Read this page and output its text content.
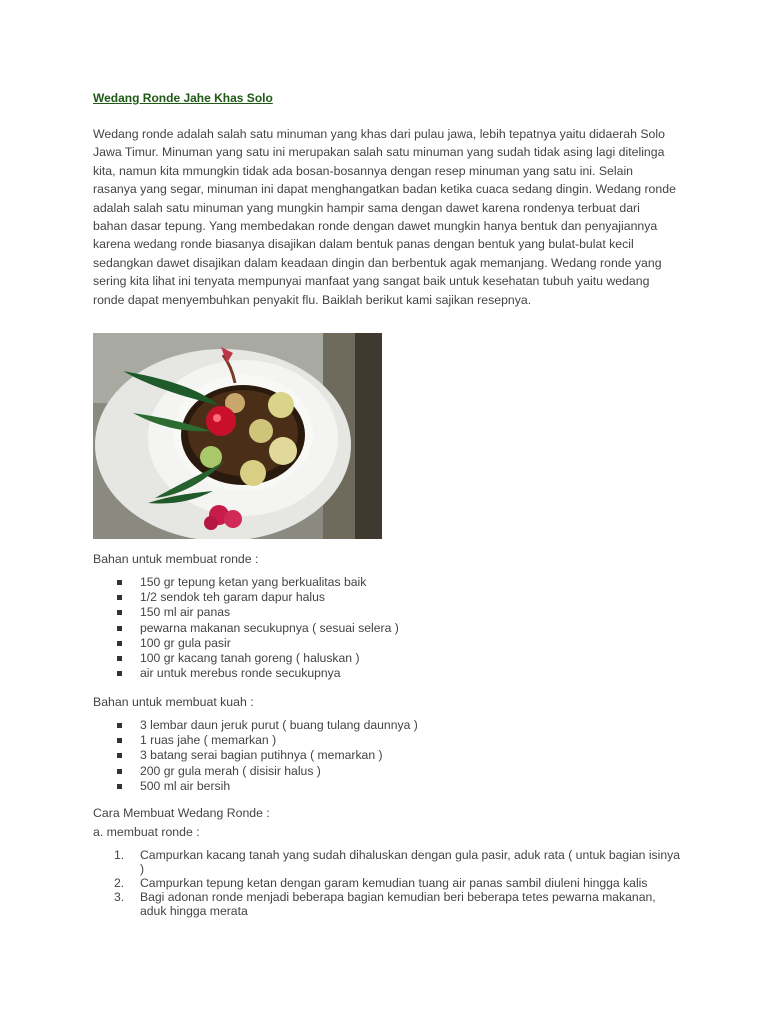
Wedang Ronde Jahe Khas Solo

Wedang ronde adalah salah satu minuman yang khas dari pulau jawa, lebih tepatnya yaitu didaerah Solo Jawa Timur. Minuman yang satu ini merupakan salah satu minuman yang sudah tidak asing lagi ditelinga kita, namun kita mmungkin tidak ada bosan-bosannya dengan resep minuman yang satu ini. Selain rasanya yang segar, minuman ini dapat menghangatkan badan ketika cuaca sedang dingin. Wedang ronde adalah salah satu minuman yang mungkin hampir sama dengan dawet karena rondenya terbuat dari bahan dasar tepung. Yang membedakan ronde dengan dawet mungkin hanya bentuk dan penyajiannya karena wedang ronde biasanya disajikan dalam bentuk panas dengan bentuk yang bulat-bulat kecil sedangkan dawet disajikan dalam keadaan dingin dan berbentuk agak memanjang. Wedang ronde yang sering kita lihat ini tenyata mempunyai manfaat yang sangat baik untuk kesehatan tubuh yaitu wedang ronde dapat menyembuhkan penyakit flu. Baiklah berikut kami sajikan resepnya.

Bahan untuk membuat ronde :

150 gr tepung ketan yang berkualitas baik
1/2 sendok teh garam dapur halus
150 ml air panas
pewarna makanan secukupnya ( sesuai selera )
100 gr gula pasir
100 gr kacang tanah goreng ( haluskan )
air untuk merebus ronde secukupnya

Bahan untuk membuat kuah :

3 lembar daun jeruk purut ( buang tulang daunnya )
1 ruas jahe ( memarkan )
3 batang serai bagian putihnya ( memarkan )
200 gr gula merah ( disisir halus )
500 ml air bersih

Cara Membuat Wedang Ronde :

a. membuat ronde :

1. Campurkan kacang tanah yang sudah dihaluskan dengan gula pasir, aduk rata ( untuk bagian isinya )
2. Campurkan tepung ketan dengan garam kemudian tuang air panas sambil diuleni hingga kalis
3. Bagi adonan ronde menjadi beberapa bagian kemudian beri beberapa tetes pewarna makanan, aduk hingga merata
